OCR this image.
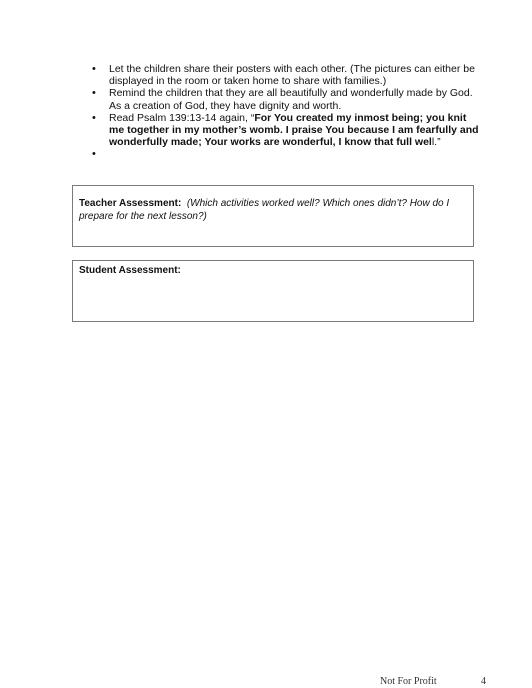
• Let the children share their posters with each other. (The pictures can either be displayed in the room or taken home to share with families.)
• Remind the children that they are all beautifully and wonderfully made by God. As a creation of God, they have dignity and worth.
• Read Psalm 139:13-14 again, “For You created my inmost being; you knit me together in my mother’s womb. I praise You because I am fearfully and wonderfully made; Your works are wonderful, I know that full well.”
•
Teacher Assessment: (Which activities worked well? Which ones didn’t? How do I prepare for the next lesson?)
Student Assessment:
Not For Profit	4
